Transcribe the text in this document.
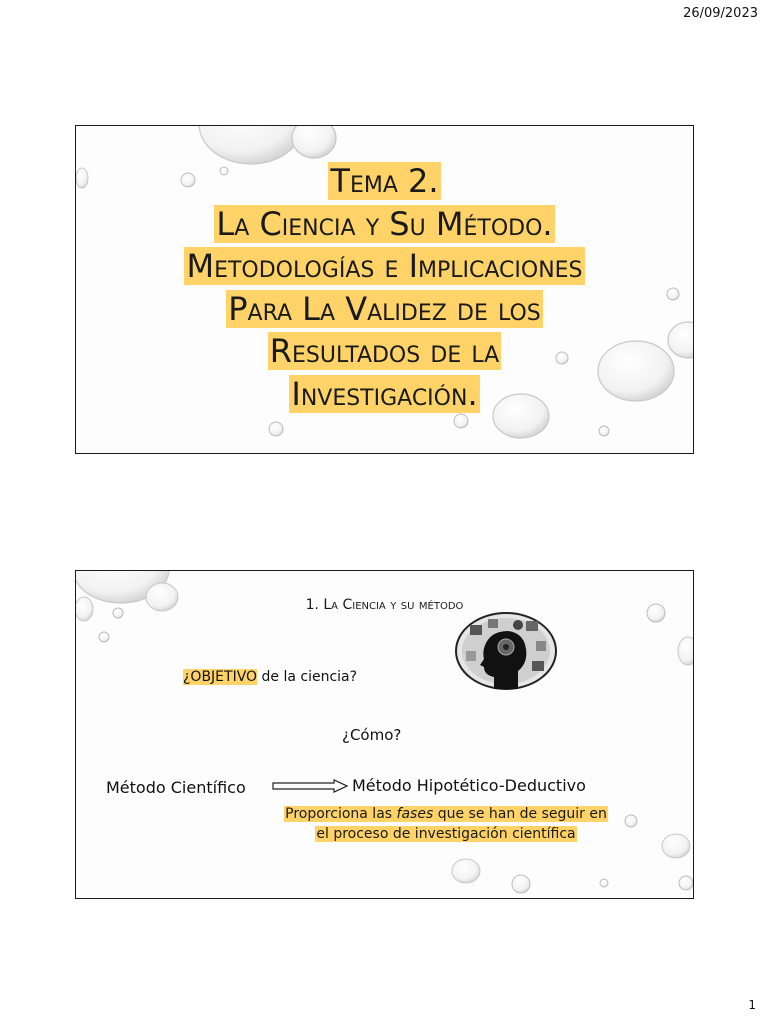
26/09/2023
Tema 2.
La Ciencia y Su Método.
Metodologías e Implicaciones
Para La Validez de los
Resultados de la
Investigación.
1. La Ciencia y su método
¿OBJETIVO de la ciencia?
¿Cómo?
Método Científico	Método Hipotético-Deductivo
Proporciona las fases que se han de seguir en
el proceso de investigación científica
1
